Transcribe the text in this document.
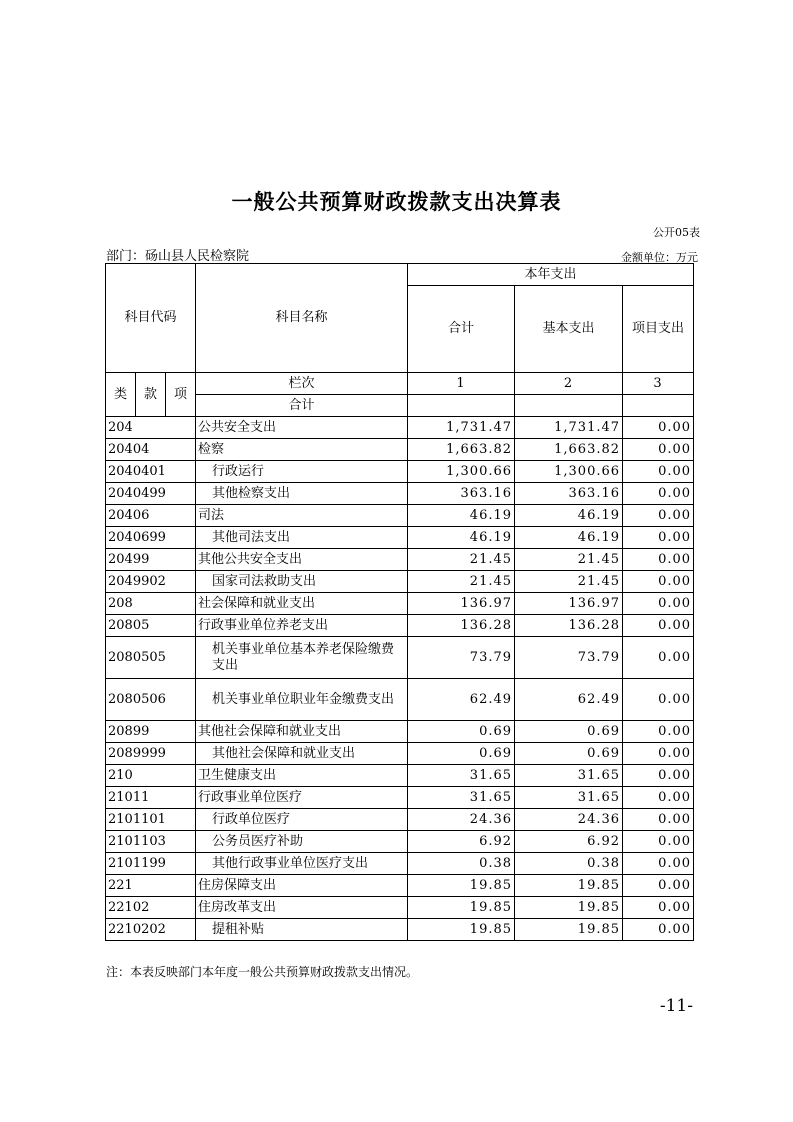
一般公共预算财政拨款支出决算表
公开05表
部门：砀山县人民检察院	金额单位：万元
科目代码			科目名称	本年支出		
				合计	基本支出	项目支出
类	款	项	栏次	1	2	3
			合计			
204			公共安全支出	1,731.47	1,731.47	0.00
20404			检察	1,663.82	1,663.82	0.00
2040401			行政运行	1,300.66	1,300.66	0.00
2040499			其他检察支出	363.16	363.16	0.00
20406			司法	46.19	46.19	0.00
2040699			其他司法支出	46.19	46.19	0.00
20499			其他公共安全支出	21.45	21.45	0.00
2049902			国家司法救助支出	21.45	21.45	0.00
208			社会保障和就业支出	136.97	136.97	0.00
20805			行政事业单位养老支出	136.28	136.28	0.00
2080505			机关事业单位基本养老保险缴费支出	73.79	73.79	0.00
2080506			机关事业单位职业年金缴费支出	62.49	62.49	0.00
20899			其他社会保障和就业支出	0.69	0.69	0.00
2089999			其他社会保障和就业支出	0.69	0.69	0.00
210			卫生健康支出	31.65	31.65	0.00
21011			行政事业单位医疗	31.65	31.65	0.00
2101101			行政单位医疗	24.36	24.36	0.00
2101103			公务员医疗补助	6.92	6.92	0.00
2101199			其他行政事业单位医疗支出	0.38	0.38	0.00
221			住房保障支出	19.85	19.85	0.00
22102			住房改革支出	19.85	19.85	0.00
2210202			提租补贴	19.85	19.85	0.00
注：本表反映部门本年度一般公共预算财政拨款支出情况。
-11-
